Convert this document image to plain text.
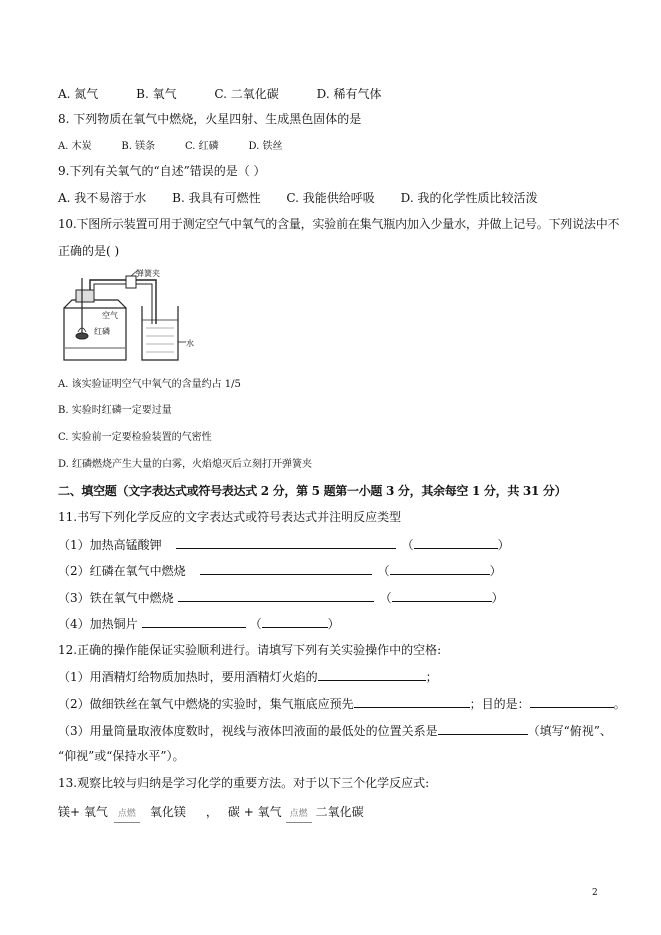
A. 氮气	B. 氧气	C. 二氧化碳	D. 稀有气体
8. 下列物质在氧气中燃烧，火星四射、生成黑色固体的是
A. 木炭	B. 镁条	C. 红磷	D. 铁丝
9.下列有关氧气的“自述”错误的是（ ）
A. 我不易溶于水 B. 我具有可燃性 C. 我能供给呼吸 D. 我的化学性质比较活泼
10.下图所示装置可用于测定空气中氧气的含量，实验前在集气瓶内加入少量水，并做上记号。下列说法中不
正确的是( )
弹簧夹
空气
红磷
水
A. 该实验证明空气中氧气的含量约占 1/5
B. 实验时红磷一定要过量
C. 实验前一定要检验装置的气密性
D. 红磷燃烧产生大量的白雾，火焰熄灭后立刻打开弹簧夹
二、填空题（文字表达式或符号表达式 2 分，第 5 题第一小题 3 分，其余每空 1 分，共 31 分）
11.书写下列化学反应的文字表达式或符号表达式并注明反应类型
（1）加热高锰酸钾	（	）
（2）红磷在氧气中燃烧	（	）
（3）铁在氧气中燃烧	（	）
（4）加热铜片	（	）
12.正确的操作能保证实验顺利进行。请填写下列有关实验操作中的空格:
（1）用酒精灯给物质加热时，要用酒精灯火焰的	；
（2）做细铁丝在氧气中燃烧的实验时，集气瓶底应预先	；目的是：	。
（3）用量筒量取液体度数时，视线与液体凹液面的最低处的位置关系是	（填写“俯视”、
“仰视”或“保持水平”）。
13.观察比较与归纳是学习化学的重要方法。对于以下三个化学反应式:
镁+ 氧气 点燃 氧化镁 ， 碳 + 氧气 点燃 二氧化碳
2
